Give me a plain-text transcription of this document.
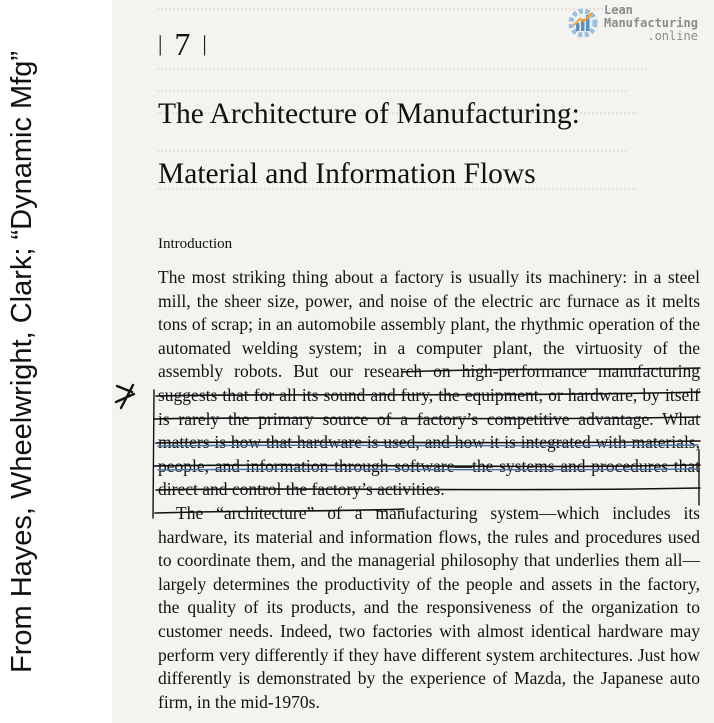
From Hayes, Wheelwright, Clark; “Dynamic Mfg”
Lean
Manufacturing
.online
| 7 |
The Architecture of Manufacturing:
Material and Information Flows
Introduction

The most striking thing about a factory is usually its machinery: in a steel mill, the sheer size, power, and noise of the electric arc furnace as it melts tons of scrap; in an automobile assembly plant, the rhythmic operation of the automated welding system; in a computer plant, the virtuosity of the assembly robots. But our research on high-performance manufacturing suggests that for all its sound and fury, the equipment, or hardware, by itself is rarely the primary source of a factory’s competitive advantage. What matters is how that hardware is used, and how it is integrated with materials, people, and information through software—the systems and procedures that direct and control the factory’s activities.

The “architecture” of a manufacturing system—which includes its hardware, its material and information flows, the rules and procedures used to coordinate them, and the managerial philosophy that underlies them all—largely determines the productivity of the people and assets in the factory, the quality of its products, and the responsiveness of the organization to customer needs. Indeed, two factories with almost identical hardware may perform very differently if they have different system architectures. Just how differently is demonstrated by the experience of Mazda, the Japanese auto firm, in the mid-1970s.
